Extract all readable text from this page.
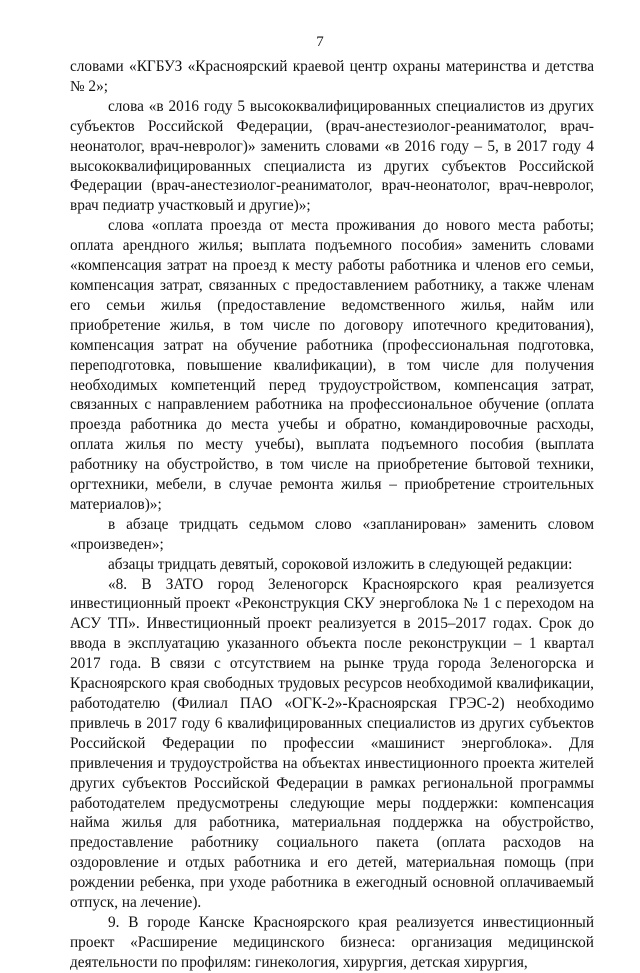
7

словами «КГБУЗ «Красноярский краевой центр охраны материнства и детства № 2»;

слова «в 2016 году 5 высококвалифицированных специалистов из других субъектов Российской Федерации, (врач-анестезиолог-реаниматолог, врач-неонатолог, врач-невролог)» заменить словами «в 2016 году – 5, в 2017 году 4 высококвалифицированных специалиста из других субъектов Российской Федерации (врач-анестезиолог-реаниматолог, врач-неонатолог, врач-невролог, врач педиатр участковый и другие)»;

слова «оплата проезда от места проживания до нового места работы; оплата арендного жилья; выплата подъемного пособия» заменить словами «компенсация затрат на проезд к месту работы работника и членов его семьи, компенсация затрат, связанных с предоставлением работнику, а также членам его семьи жилья (предоставление ведомственного жилья, найм или приобретение жилья, в том числе по договору ипотечного кредитования), компенсация затрат на обучение работника (профессиональная подготовка, переподготовка, повышение квалификации), в том числе для получения необходимых компетенций перед трудоустройством, компенсация затрат, связанных с направлением работника на профессиональное обучение (оплата проезда работника до места учебы и обратно, командировочные расходы, оплата жилья по месту учебы), выплата подъемного пособия (выплата работнику на обустройство, в том числе на приобретение бытовой техники, оргтехники, мебели, в случае ремонта жилья – приобретение строительных материалов)»;

в абзаце тридцать седьмом слово «запланирован» заменить словом «произведен»;

абзацы тридцать девятый, сороковой изложить в следующей редакции:

«8. В ЗАТО город Зеленогорск Красноярского края реализуется инвестиционный проект «Реконструкция СКУ энергоблока № 1 с переходом на АСУ ТП». Инвестиционный проект реализуется в 2015–2017 годах. Срок до ввода в эксплуатацию указанного объекта после реконструкции – 1 квартал 2017 года. В связи с отсутствием на рынке труда города Зеленогорска и Красноярского края свободных трудовых ресурсов необходимой квалификации, работодателю (Филиал ПАО «ОГК-2»-Красноярская ГРЭС-2) необходимо привлечь в 2017 году 6 квалифицированных специалистов из других субъектов Российской Федерации по профессии «машинист энергоблока». Для привлечения и трудоустройства на объектах инвестиционного проекта жителей других субъектов Российской Федерации в рамках региональной программы работодателем предусмотрены следующие меры поддержки: компенсация найма жилья для работника, материальная поддержка на обустройство, предоставление работнику социального пакета (оплата расходов на оздоровление и отдых работника и его детей, материальная помощь (при рождении ребенка, при уходе работника в ежегодный основной оплачиваемый отпуск, на лечение).

9. В городе Канске Красноярского края реализуется инвестиционный проект «Расширение медицинского бизнеса: организация медицинской деятельности по профилям: гинекология, хирургия, детская хирургия,
